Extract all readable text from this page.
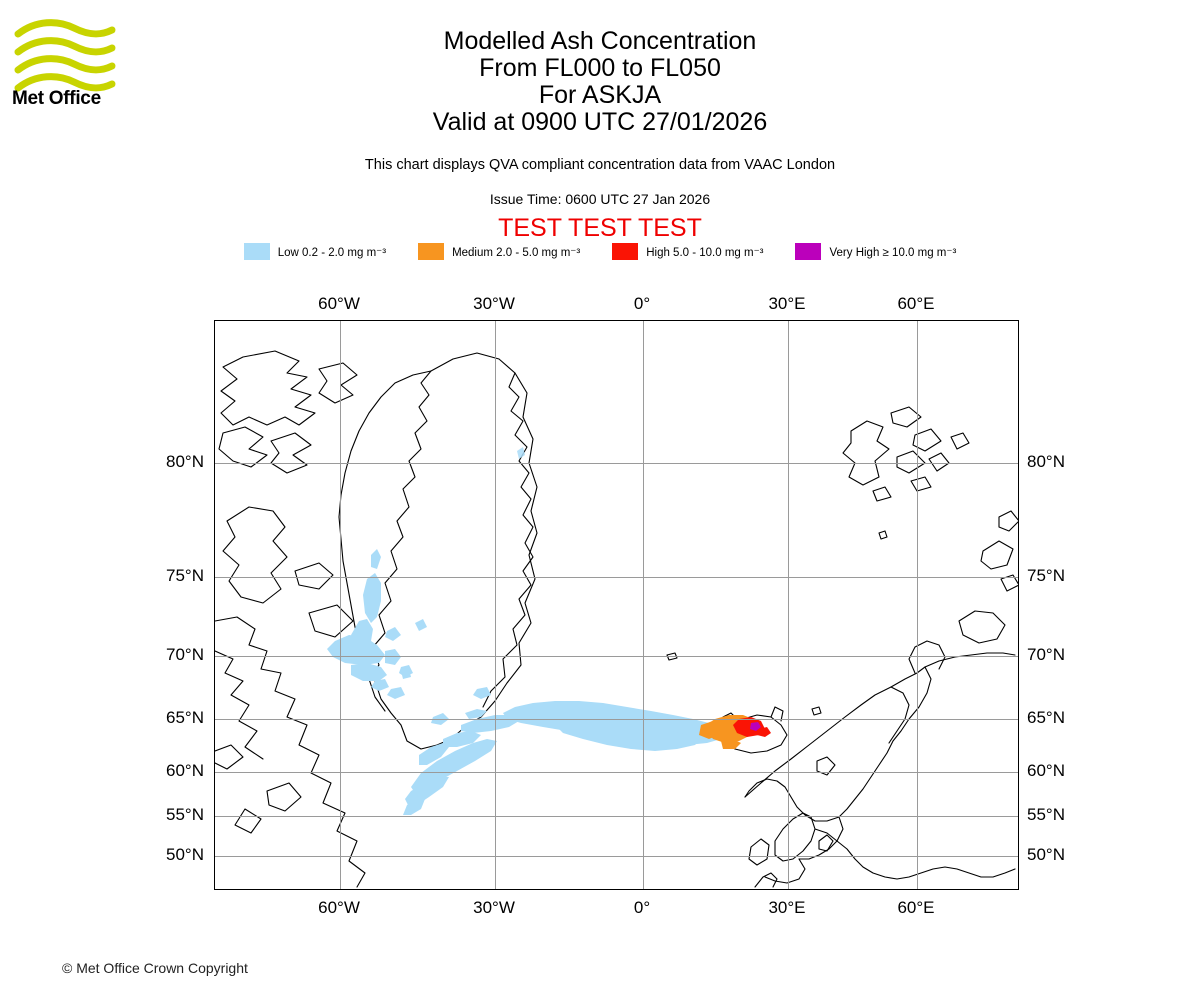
Met Office
Modelled Ash Concentration
From FL000 to FL050
For ASKJA
Valid at 0900 UTC 27/01/2026
This chart displays QVA compliant concentration data from VAAC London
Issue Time: 0600 UTC 27 Jan 2026
TEST TEST TEST
Low 0.2 - 2.0 mg m⁻³	Medium 2.0 - 5.0 mg m⁻³	High 5.0 - 10.0 mg m⁻³	Very High ≥ 10.0 mg m⁻³
60°W	30°W	0°	30°E	60°E
60°W	30°W	0°	30°E	60°E
80°N
75°N
70°N
65°N
60°N
55°N
50°N
80°N
75°N
70°N
65°N
60°N
55°N
50°N
© Met Office Crown Copyright
